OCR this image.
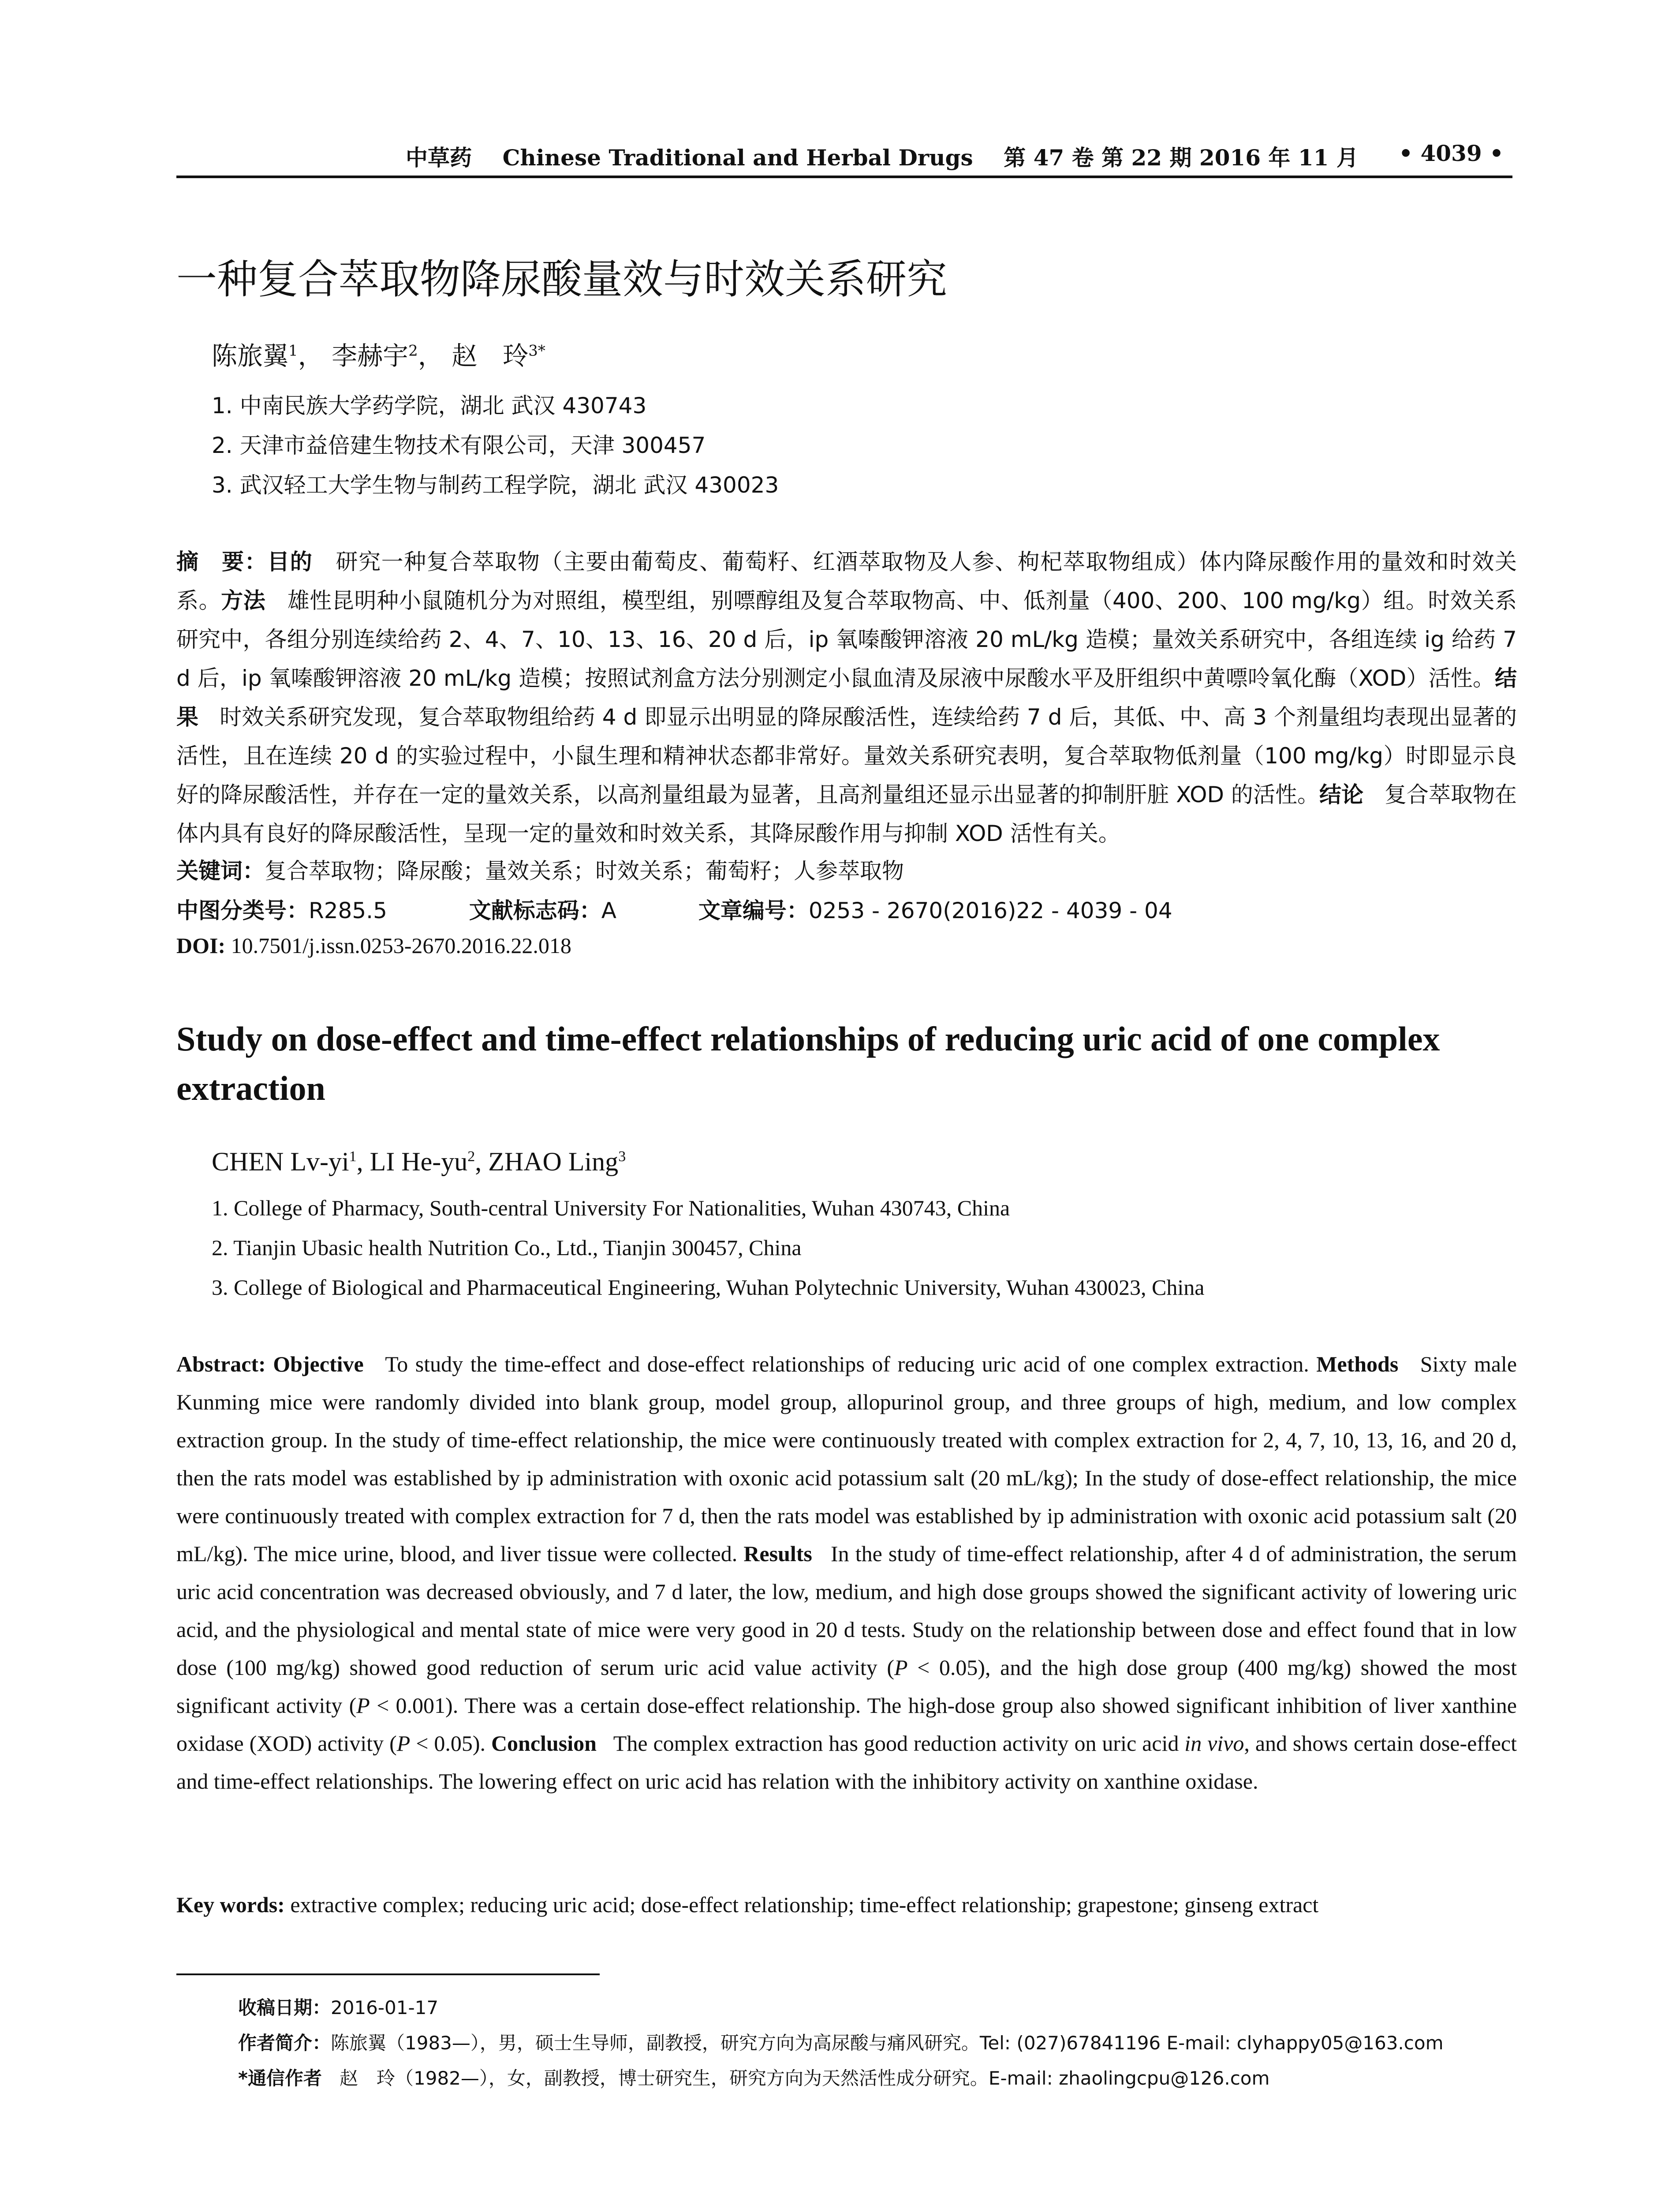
中草药 Chinese Traditional and Herbal Drugs 第 47 卷 第 22 期 2016 年 11 月 • 4039 •
一种复合萃取物降尿酸量效与时效关系研究
陈旅翼$^1$， 李赫宇$^2$， 赵　玲$^{3*}$
1. 中南民族大学药学院，湖北 武汉 430743
2. 天津市益倍建生物技术有限公司，天津 300457
3. 武汉轻工大学生物与制药工程学院，湖北 武汉 430023
摘　要：目的 研究一种复合萃取物（主要由葡萄皮、葡萄籽、红酒萃取物及人参、枸杞萃取物组成）体内降尿酸作用的量效和时效关系。方法 雄性昆明种小鼠随机分为对照组，模型组，别嘌醇组及复合萃取物高、中、低剂量（400、200、100 mg/kg）组。时效关系研究中，各组分别连续给药 2、4、7、10、13、16、20 d 后，ip 氧嗪酸钾溶液 20 mL/kg 造模；量效关系研究中，各组连续 ig 给药 7 d 后，ip 氧嗪酸钾溶液 20 mL/kg 造模；按照试剂盒方法分别测定小鼠血清及尿液中尿酸水平及肝组织中黄嘌呤氧化酶（XOD）活性。结果 时效关系研究发现，复合萃取物组给药 4 d 即显示出明显的降尿酸活性，连续给药 7 d 后，其低、中、高 3 个剂量组均表现出显著的活性，且在连续 20 d 的实验过程中，小鼠生理和精神状态都非常好。量效关系研究表明，复合萃取物低剂量（100 mg/kg）时即显示良好的降尿酸活性，并存在一定的量效关系，以高剂量组最为显著，且高剂量组还显示出显著的抑制肝脏 XOD 的活性。结论 复合萃取物在体内具有良好的降尿酸活性，呈现一定的量效和时效关系，其降尿酸作用与抑制 XOD 活性有关。
关键词：复合萃取物；降尿酸；量效关系；时效关系；葡萄籽；人参萃取物
中图分类号：R285.5	文献标志码：A	文章编号：0253 - 2670(2016)22 - 4039 - 04
DOI: 10.7501/j.issn.0253-2670.2016.22.018
Study on dose-effect and time-effect relationships of reducing uric acid of one complex extraction
CHEN $Lv-yi^1$, LI $He-yu^2$, ZHAO Ling$^3$
1. College of Pharmacy, South-central University For Nationalities, Wuhan 430743, China
2. Tianjin Ubasic health Nutrition Co., Ltd., Tianjin 300457, China
3. College of Biological and Pharmaceutical Engineering, Wuhan Polytechnic University, Wuhan 430023, China
Abstract: Objective To study the time-effect and dose-effect relationships of reducing uric acid of one complex extraction. Methods Sixty male Kunming mice were randomly divided into blank group, model group, allopurinol group, and three groups of high, medium, and low complex extraction group. In the study of time-effect relationship, the mice were continuously treated with complex extraction for 2, 4, 7, 10, 13, 16, and 20 d, then the rats model was established by ip administration with oxonic acid potassium salt (20 mL/kg); In the study of dose-effect relationship, the mice were continuously treated with complex extraction for 7 d, then the rats model was established by ip administration with oxonic acid potassium salt (20 mL/kg). The mice urine, blood, and liver tissue were collected. Results In the study of time-effect relationship, after 4 d of administration, the serum uric acid concentration was decreased obviously, and 7 d later, the low, medium, and high dose groups showed the significant activity of lowering uric acid, and the physiological and mental state of mice were very good in 20 d tests. Study on the relationship between dose and effect found that in low dose (100 mg/kg) showed good reduction of serum uric acid value activity (P < 0.05), and the high dose group (400 mg/kg) showed the most significant activity (P < 0.001). There was a certain dose-effect relationship. The high-dose group also showed significant inhibition of liver xanthine oxidase (XOD) activity (P < 0.05). Conclusion The complex extraction has good reduction activity on uric acid in vivo, and shows certain dose-effect and time-effect relationships. The lowering effect on uric acid has relation with the inhibitory activity on xanthine oxidase.
Key words: extractive complex; reducing uric acid; dose-effect relationship; time-effect relationship; grapestone; ginseng extract
收稿日期：2016-01-17
作者简介：陈旅翼（1983—），男，硕士生导师，副教授，研究方向为高尿酸与痛风研究。Tel: (027)67841196 E-mail: clyhappy05@163.com
*通信作者 赵　玲（1982—），女，副教授，博士研究生，研究方向为天然活性成分研究。E-mail: zhaolingcpu@126.com
